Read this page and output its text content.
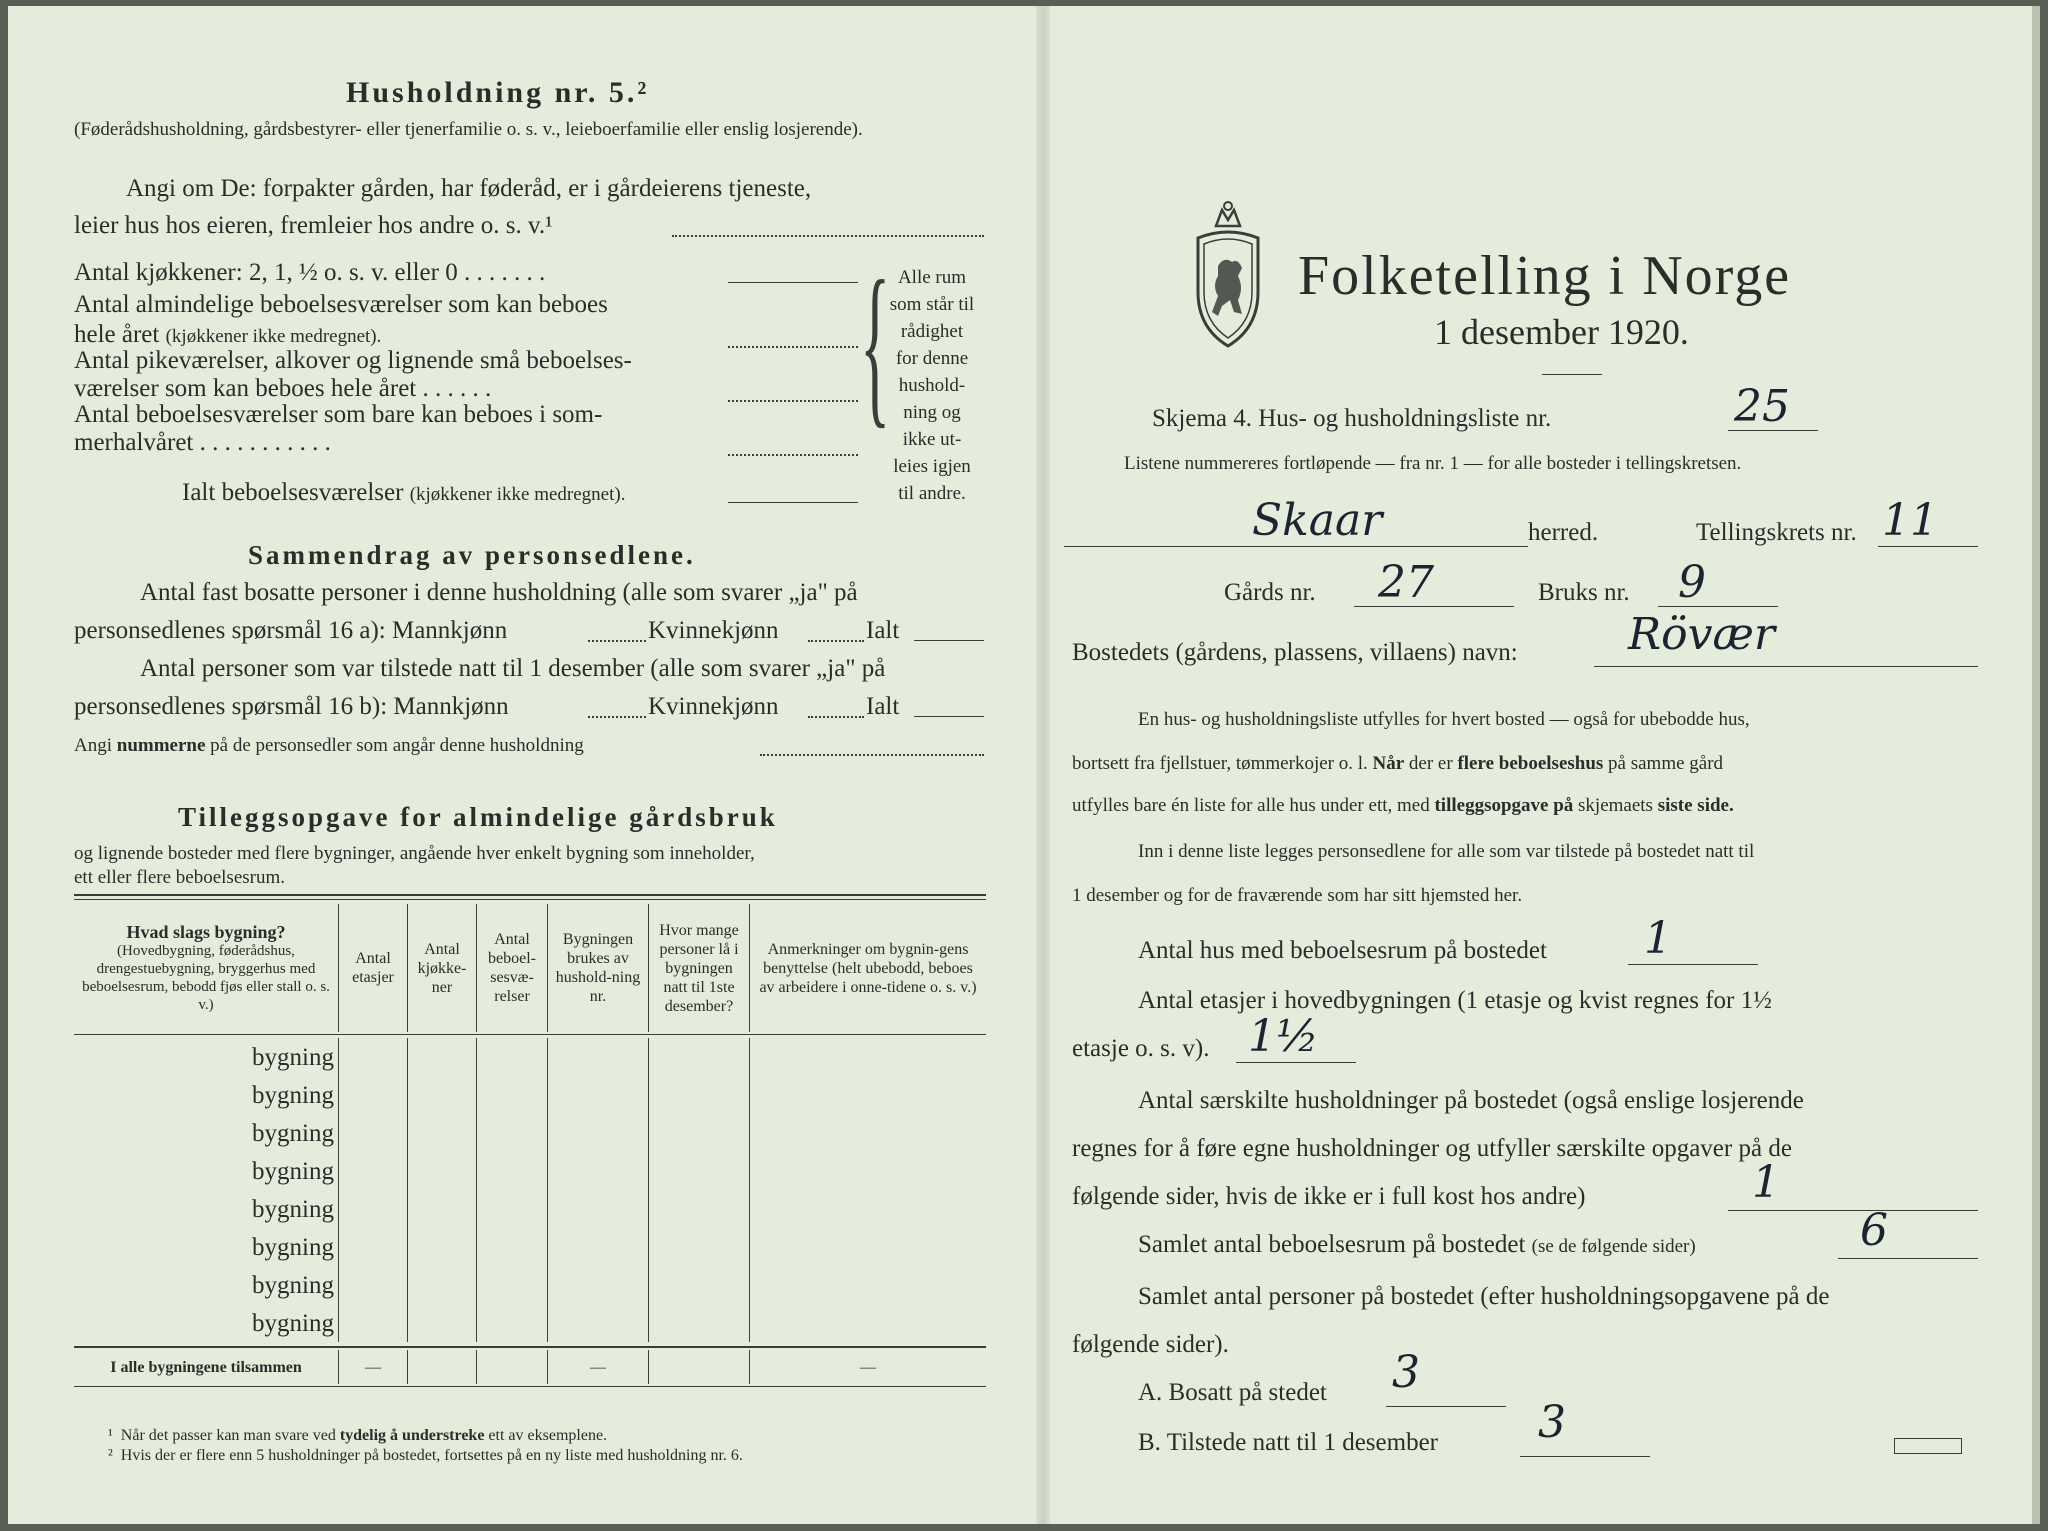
Husholdning nr. 5.²
(Føderådshusholdning, gårdsbestyrer- eller tjenerfamilie o. s. v., leieboerfamilie eller enslig losjerende).
Angi om De: forpakter gården, har føderåd, er i gårdeierens tjeneste,
leier hus hos eieren, fremleier hos andre o. s. v.¹
Antal kjøkkener: 2, 1, ½ o. s. v. eller 0 . . . . . . .
Antal almindelige beboelsesværelser som kan beboes
hele året (kjøkkener ikke medregnet).
Antal pikeværelser, alkover og lignende små beboelses-
værelser som kan beboes hele året . . . . . .
Antal beboelsesværelser som bare kan beboes i som-
merhalvåret . . . . . . . . . . .
Ialt beboelsesværelser (kjøkkener ikke medregnet).
{ Alle rum
som står til
rådighet
for denne
hushold-
ning og
ikke ut-
leies igjen
til andre.
Sammendrag av personsedlene.
Antal fast bosatte personer i denne husholdning (alle som svarer „ja" på
personsedlenes spørsmål 16 a): Mannkjønn	Kvinnekjønn	Ialt
Antal personer som var tilstede natt til 1 desember (alle som svarer „ja" på
personsedlenes spørsmål 16 b): Mannkjønn	Kvinnekjønn	Ialt
Angi nummerne på de personsedler som angår denne husholdning
Tilleggsopgave for almindelige gårdsbruk
og lignende bosteder med flere bygninger, angående hver enkelt bygning som inneholder,
ett eller flere beboelsesrum.
Hvad slags bygning?
(Hovedbygning, føderådshus, drengestuebygning, bryggerhus med beboelsesrum, bebodd fjøs eller stall o. s. v.)
	Antal etasjer	Antal kjøkke-ner	Antal beboel-sesvæ-relser	Bygningen brukes av hushold-ning nr.	Hvor mange personer lå i bygningen natt til 1ste desember?	Anmerkninger om bygnin-gens benyttelse (helt ubebodd, beboes av arbeidere i onne-tidene o. s. v.)
bygning						
bygning						
bygning						
bygning						
bygning						
bygning						
bygning						
bygning						
I alle bygningene tilsammen	—			—		—
¹ Når det passer kan man svare ved tydelig å understreke ett av eksemplene.
² Hvis der er flere enn 5 husholdninger på bostedet, fortsettes på en ny liste med husholdning nr. 6.
Folketelling i Norge
1 desember 1920.
Skjema 4. Hus- og husholdningsliste nr.	25
Listene nummereres fortløpende — fra nr. 1 — for alle bosteder i tellingskretsen.
Skaar	herred.	Tellingskrets nr. 11
Gårds nr. 27	Bruks nr. 9
Bostedets (gårdens, plassens, villaens) navn:	Rövær
En hus- og husholdningsliste utfylles for hvert bosted — også for ubebodde hus,
bortsett fra fjellstuer, tømmerkojer o. l. Når der er flere beboelseshus på samme gård
utfylles bare én liste for alle hus under ett, med tilleggsopgave på skjemaets siste side.
Inn i denne liste legges personsedlene for alle som var tilstede på bostedet natt til
1 desember og for de fraværende som har sitt hjemsted her.
Antal hus med beboelsesrum på bostedet 1
Antal etasjer i hovedbygningen (1 etasje og kvist regnes for 1½
etasje o. s. v). 1½
Antal særskilte husholdninger på bostedet (også enslige losjerende
regnes for å føre egne husholdninger og utfyller særskilte opgaver på de
følgende sider, hvis de ikke er i full kost hos andre)	1
Samlet antal beboelsesrum på bostedet (se de følgende sider)	6
Samlet antal personer på bostedet (efter husholdningsopgavene på de
følgende sider).
A. Bosatt på stedet 3
B. Tilstede natt til 1 desember 3
